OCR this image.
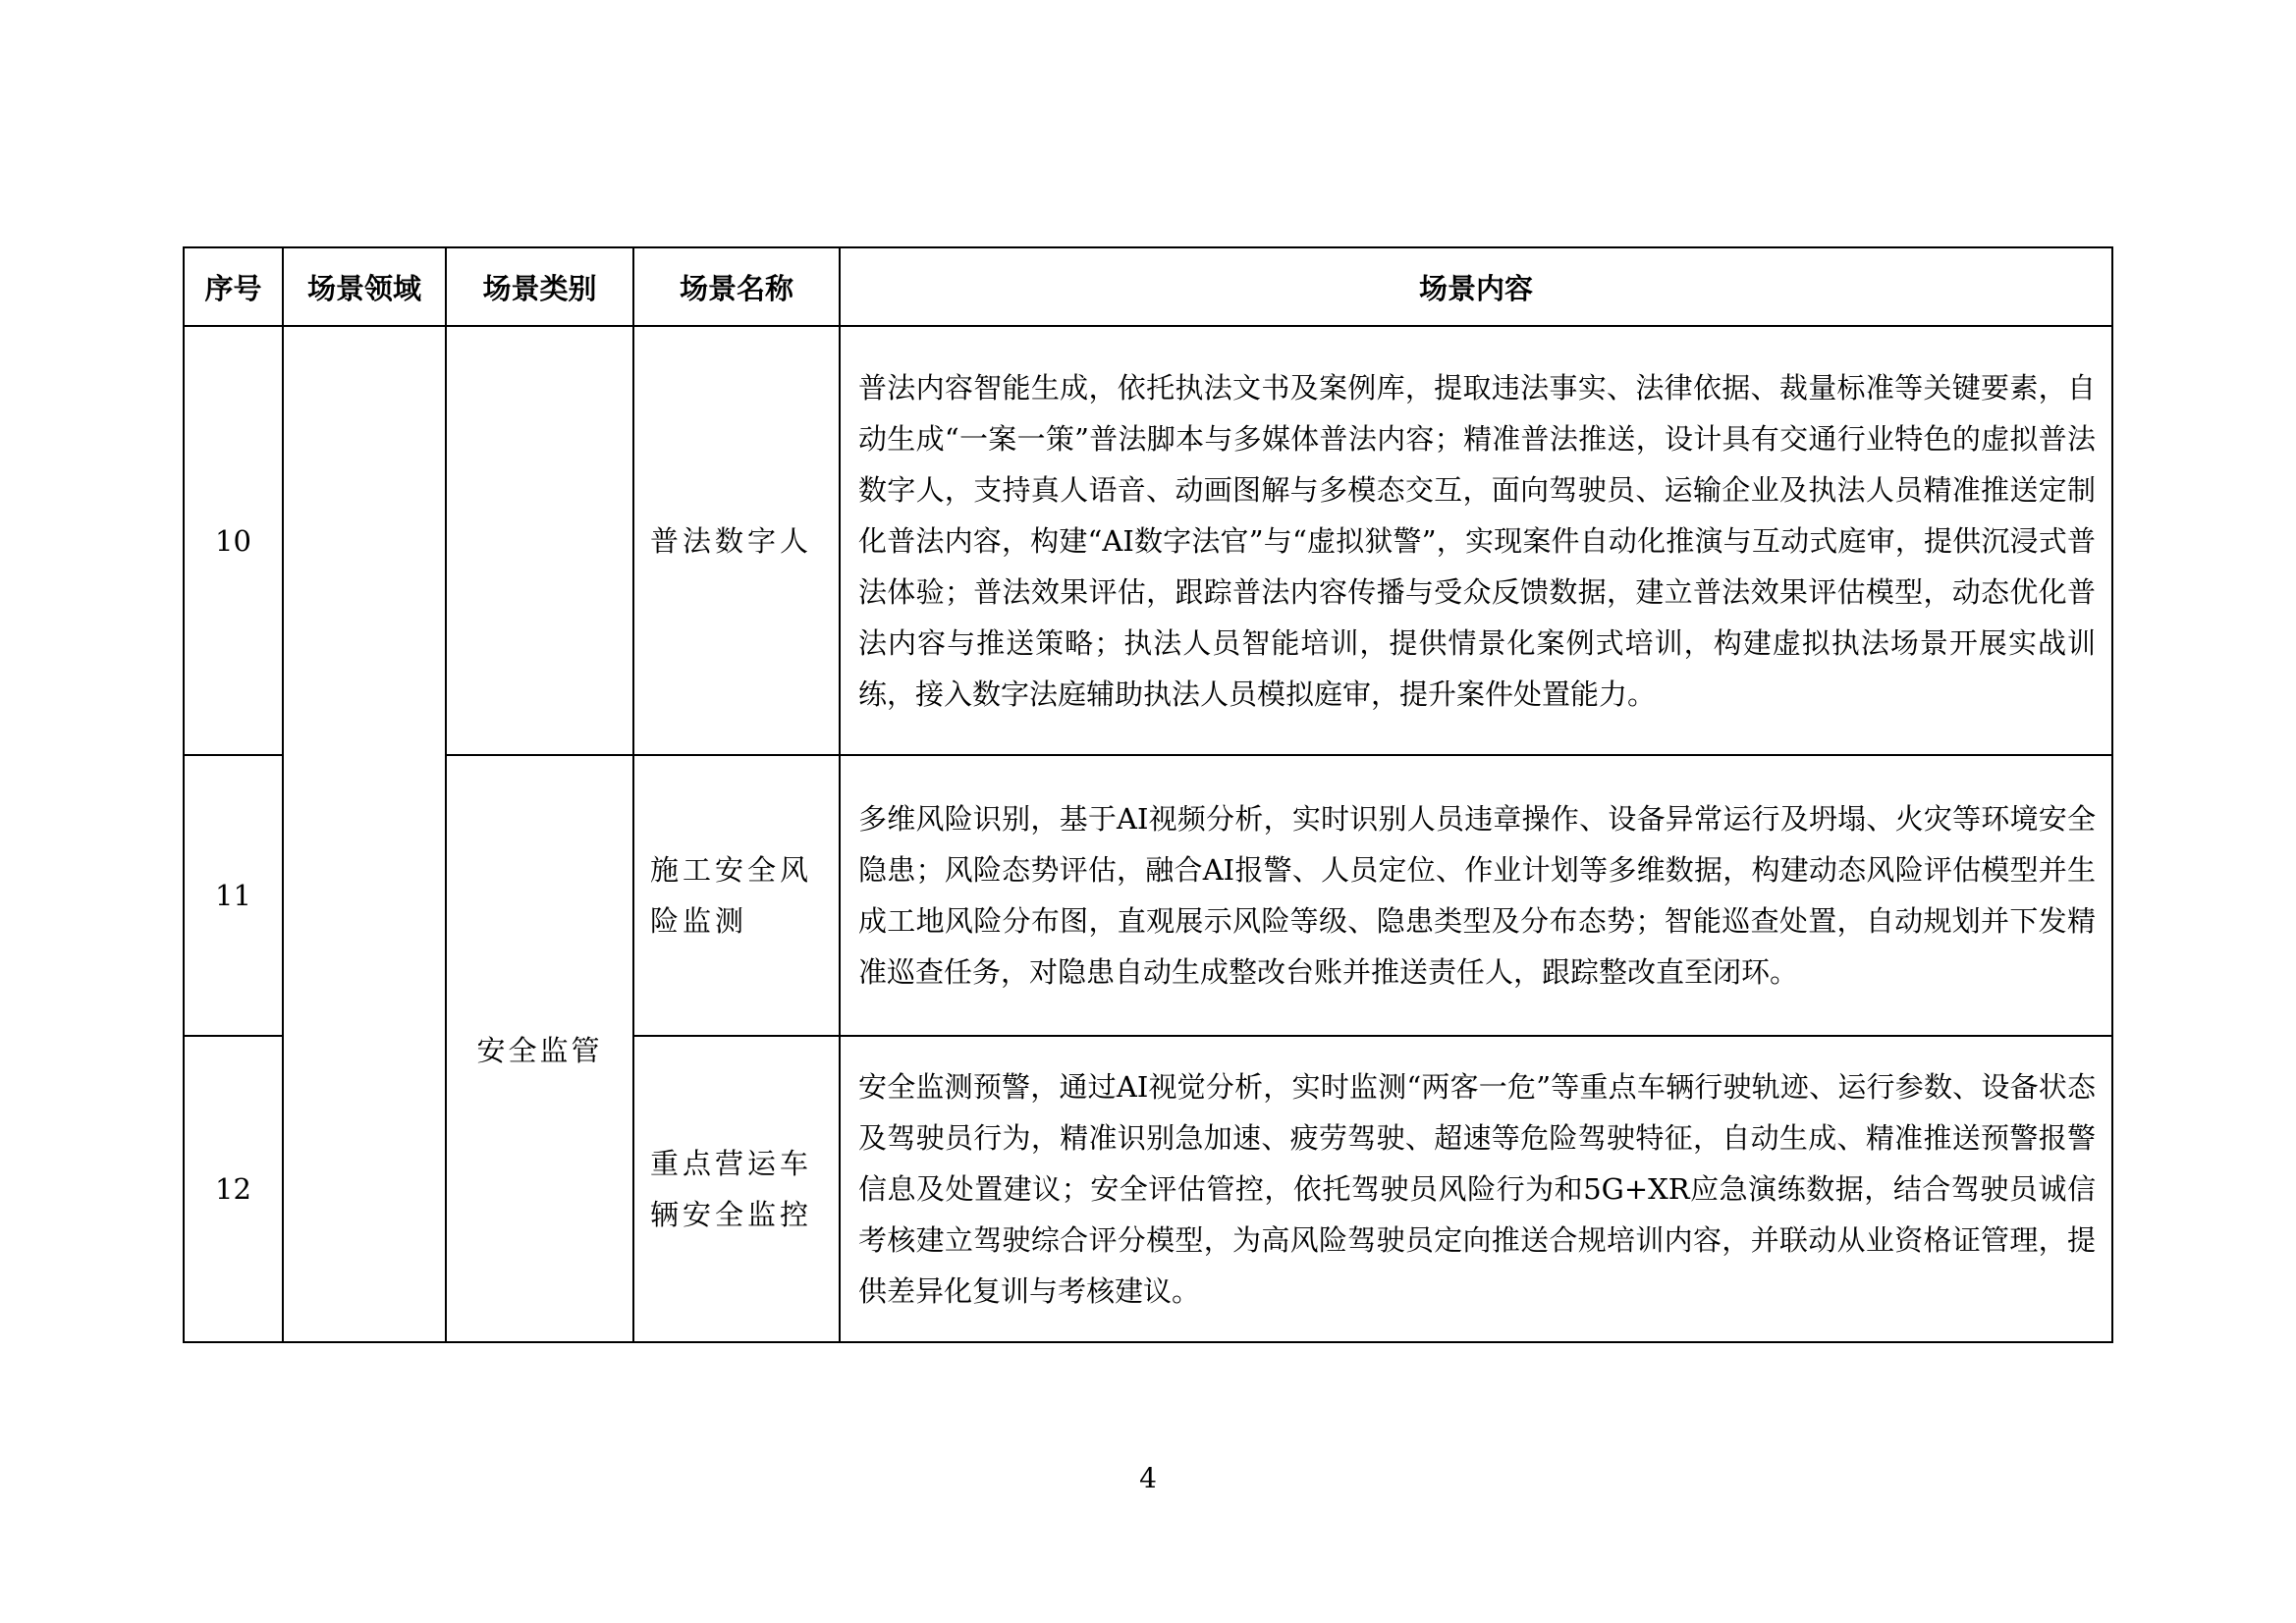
序号	场景领域	场景类别	场景名称	场景内容
10			普法数字人	普法内容智能生成，依托执法文书及案例库，提取违法事实、法律依据、裁量标准等关键要素，自动生成“一案一策”普法脚本与多媒体普法内容；精准普法推送，设计具有交通行业特色的虚拟普法数字人，支持真人语音、动画图解与多模态交互，面向驾驶员、运输企业及执法人员精准推送定制化普法内容，构建“AI数字法官”与“虚拟狱警”，实现案件自动化推演与互动式庭审，提供沉浸式普法体验；普法效果评估，跟踪普法内容传播与受众反馈数据，建立普法效果评估模型，动态优化普法内容与推送策略；执法人员智能培训，提供情景化案例式培训，构建虚拟执法场景开展实战训练，接入数字法庭辅助执法人员模拟庭审，提升案件处置能力。
11		安全监管	施工安全风险监测	多维风险识别，基于AI视频分析，实时识别人员违章操作、设备异常运行及坍塌、火灾等环境安全隐患；风险态势评估，融合AI报警、人员定位、作业计划等多维数据，构建动态风险评估模型并生成工地风险分布图，直观展示风险等级、隐患类型及分布态势；智能巡查处置，自动规划并下发精准巡查任务，对隐患自动生成整改台账并推送责任人，跟踪整改直至闭环。
12			重点营运车辆安全监控	安全监测预警，通过AI视觉分析，实时监测“两客一危”等重点车辆行驶轨迹、运行参数、设备状态及驾驶员行为，精准识别急加速、疲劳驾驶、超速等危险驾驶特征，自动生成、精准推送预警报警信息及处置建议；安全评估管控，依托驾驶员风险行为和5G+XR应急演练数据，结合驾驶员诚信考核建立驾驶综合评分模型，为高风险驾驶员定向推送合规培训内容，并联动从业资格证管理，提供差异化复训与考核建议。
4
